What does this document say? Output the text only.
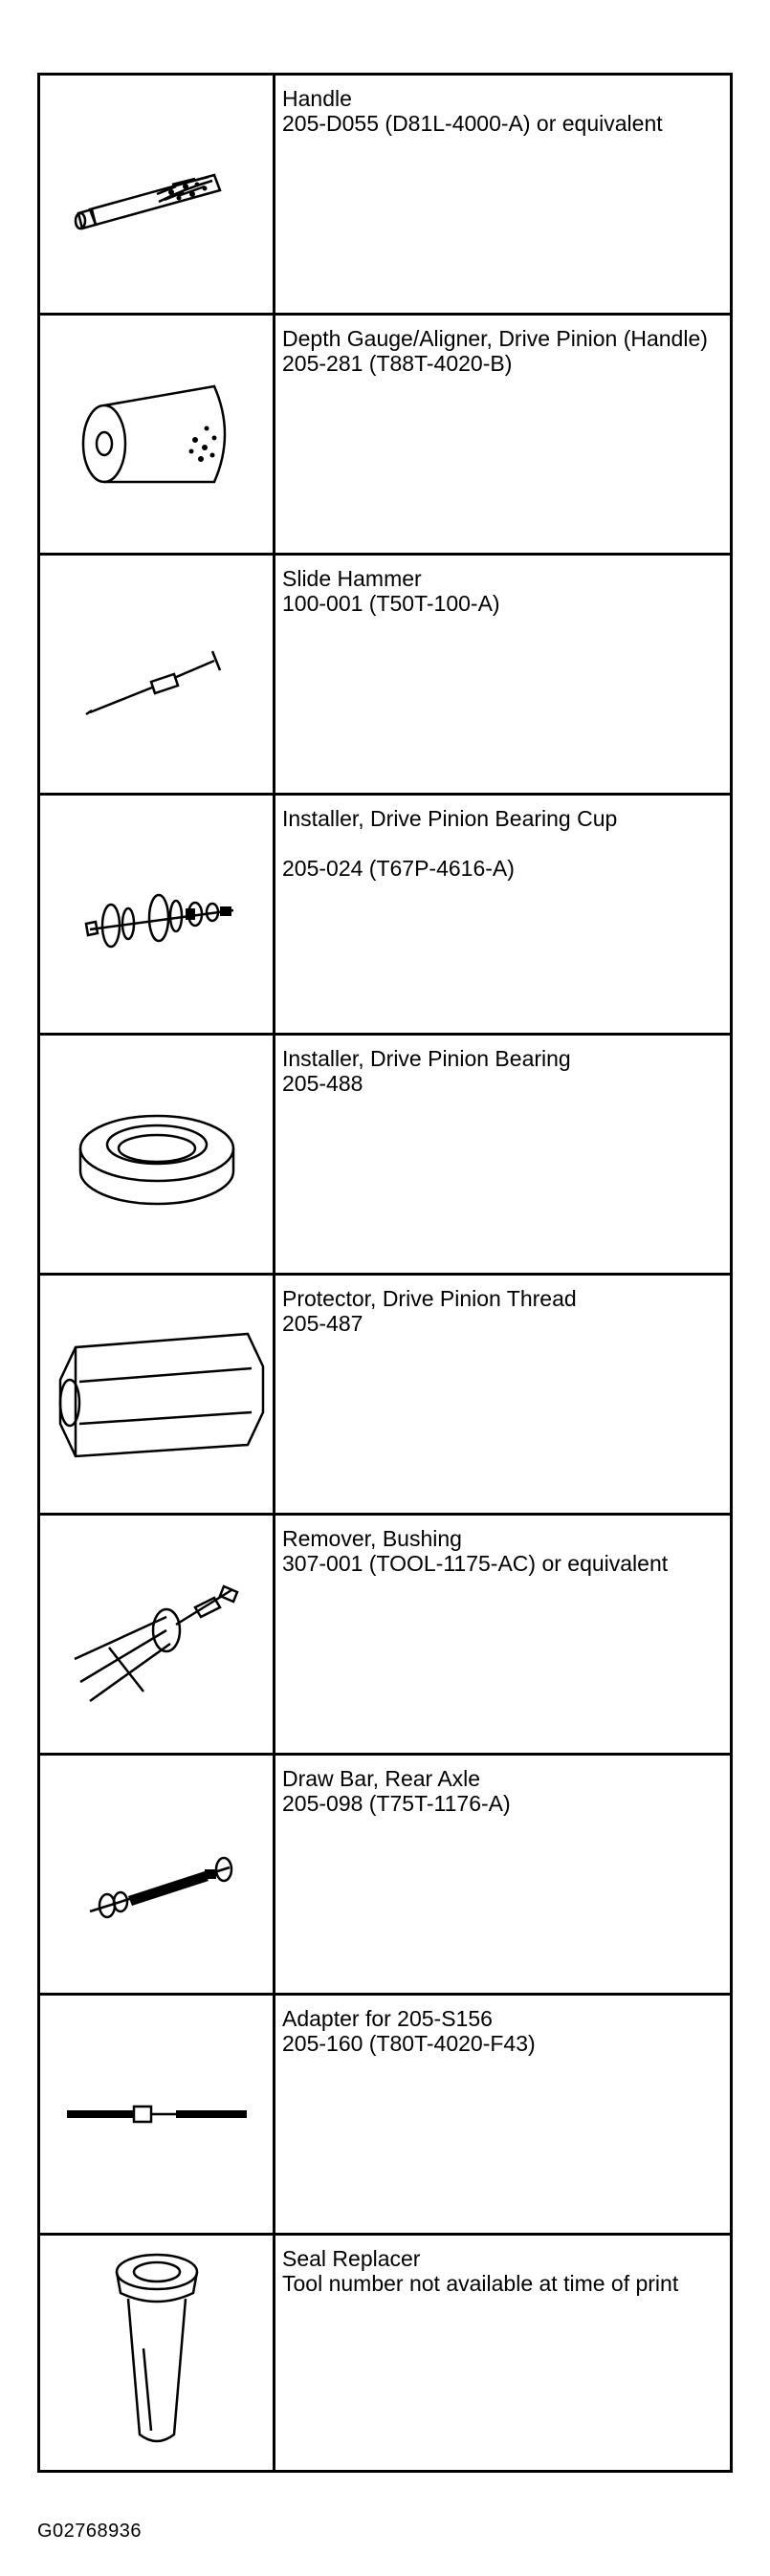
Handle
205-D055 (D81L-4000-A) or equivalent
Depth Gauge/Aligner, Drive Pinion (Handle)
205-281 (T88T-4020-B)
Slide Hammer
100-001 (T50T-100-A)
Installer, Drive Pinion Bearing Cup
205-024 (T67P-4616-A)
Installer, Drive Pinion Bearing
205-488
Protector, Drive Pinion Thread
205-487
Remover, Bushing
307-001 (TOOL-1175-AC) or equivalent
Draw Bar, Rear Axle
205-098 (T75T-1176-A)
Adapter for 205-S156
205-160 (T80T-4020-F43)
Seal Replacer
Tool number not available at time of print
G02768936
